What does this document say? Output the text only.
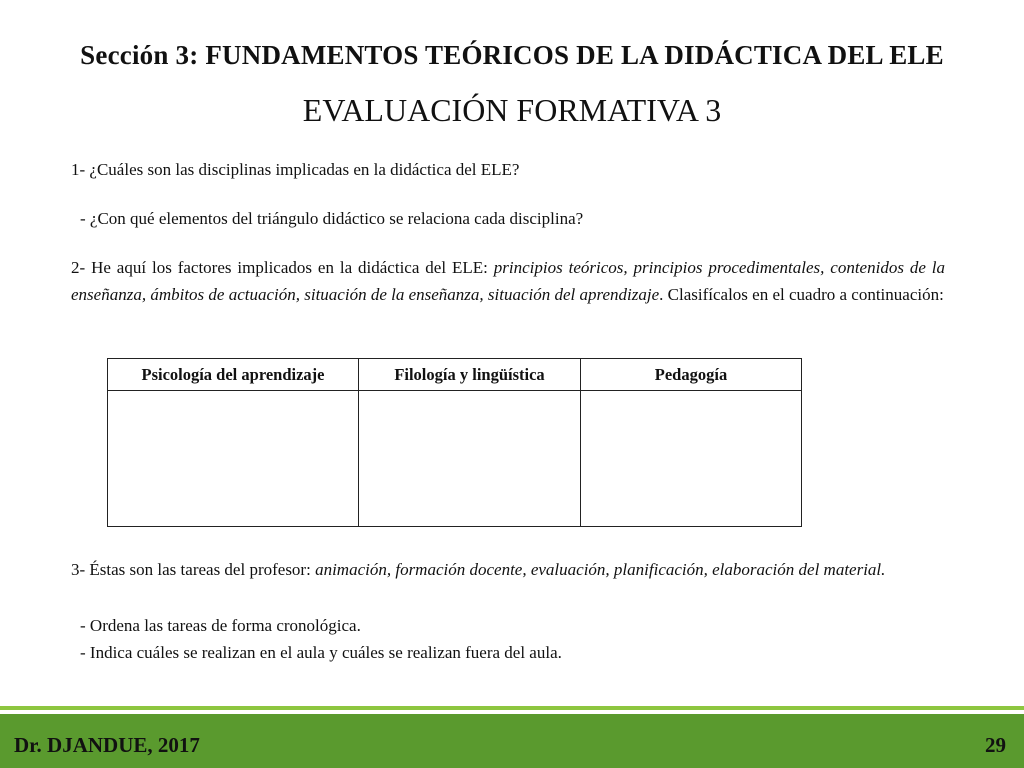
Sección 3: FUNDAMENTOS TEÓRICOS DE LA DIDÁCTICA DEL ELE
EVALUACIÓN FORMATIVA 3
1- ¿Cuáles son las disciplinas implicadas en la didáctica del ELE?
- ¿Con qué elementos del triángulo didáctico se relaciona cada disciplina?
2- He aquí los factores implicados en la didáctica del ELE: principios teóricos, principios procedimentales, contenidos de la enseñanza, ámbitos de actuación, situación de la enseñanza, situación del aprendizaje. Clasifícalos en el cuadro a continuación:
Psicología del aprendizaje	Filología y lingüística	Pedagogía

3- Éstas son las tareas del profesor: animación, formación docente, evaluación, planificación, elaboración del material.
- Ordena las tareas de forma cronológica.
- Indica cuáles se realizan en el aula y cuáles se realizan fuera del aula.
Dr. DJANDUE, 2017	29
